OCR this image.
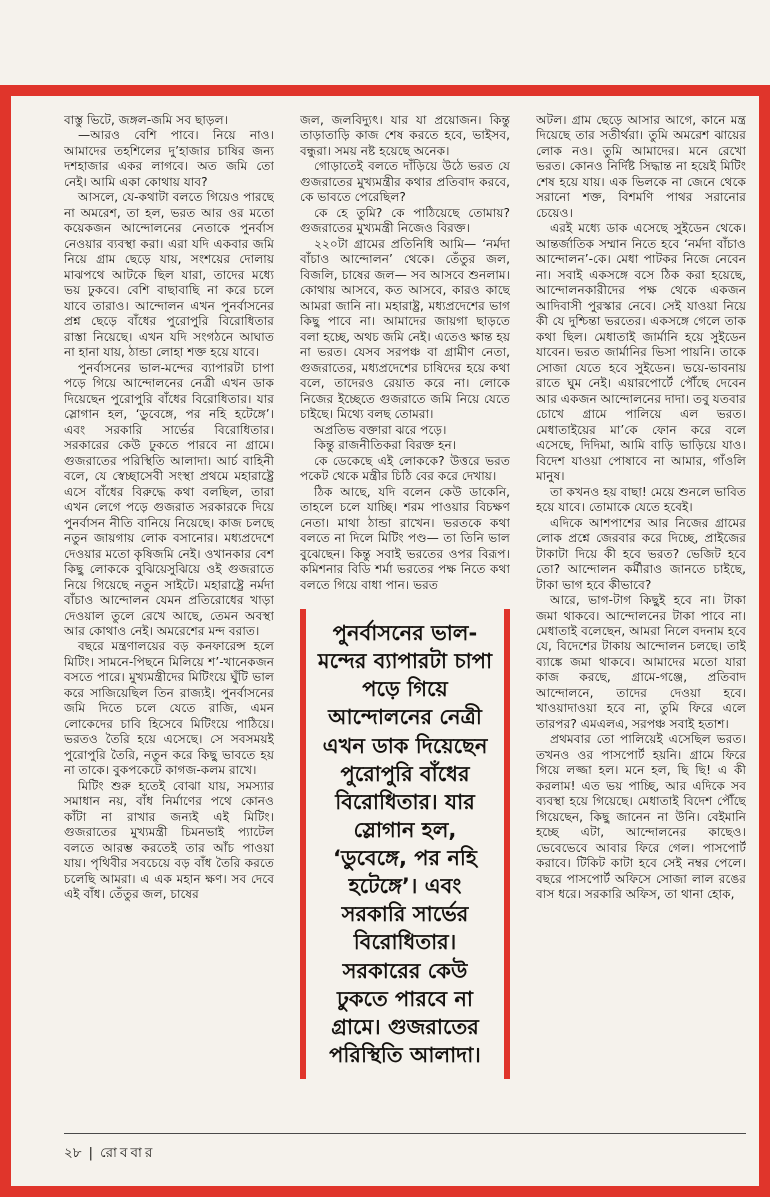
বাস্তু ভিটে, জঙ্গল-জমি সব ছাড়ল।

—আরও বেশি পাবে। নিয়ে নাও। আমাদের তহশিলের দু’হাজার চাষির জন্য দশহাজার একর লাগবে। অত জমি তো নেই। আমি একা কোথায় যাব?

আসলে, যে-কথাটা বলতে গিয়েও পারছে না অমরেশ, তা হল, ভরত আর ওর মতো কয়েকজন আন্দোলনের নেতাকে পুনর্বাস নেওয়ার ব্যবস্থা করা। এরা যদি একবার জমি নিয়ে গ্রাম ছেড়ে যায়, সংশয়ের দোলায় মাঝপথে আটকে ছিল যারা, তাদের মধ্যে ভয় ঢুকবে। বেশি বাছাবাছি না করে চলে যাবে তারাও। আন্দোলন এখন পুনর্বাসনের প্রশ্ন ছেড়ে বাঁধের পুরোপুরি বিরোধিতার রাস্তা নিয়েছে। এখন যদি সংগঠনে আঘাত না হানা যায়, ঠান্ডা লোহা শক্ত হয়ে যাবে।

পুনর্বাসনের ভাল-মন্দের ব্যাপারটা চাপা পড়ে গিয়ে আন্দোলনের নেত্রী এখন ডাক দিয়েছেন পুরোপুরি বাঁধের বিরোধিতার। যার স্লোগান হল, ‘ডুবেঙ্গে, পর নহি হটেঙ্গে’। এবং সরকারি সার্ভের বিরোধিতার। সরকারের কেউ ঢুকতে পারবে না গ্রামে। গুজরাতের পরিস্থিতি আলাদা। আর্চ বাহিনী বলে, যে স্বেচ্ছাসেবী সংস্থা প্রথমে মহারাষ্ট্রে এসে বাঁধের বিরুদ্ধে কথা বলছিল, তারা এখন লেগে পড়ে গুজরাত সরকারকে দিয়ে পুনর্বাসন নীতি বানিয়ে নিয়েছে। কাজ চলছে নতুন জায়গায় লোক বসানোর। মধ্যপ্রদেশে দেওয়ার মতো কৃষিজমি নেই। ওখানকার বেশ কিছু লোককে বুঝিয়েসুঝিয়ে ওই গুজরাতে নিয়ে গিয়েছে নতুন সাইটে। মহারাষ্ট্রে নর্মদা বাঁচাও আন্দোলন যেমন প্রতিরোধের খাড়া দেওয়াল তুলে রেখে আছে, তেমন অবস্থা আর কোথাও নেই। অমরেশের মন্দ বরাত।

বছরে মন্ত্রণালয়ের বড় কনফারেন্স হলে মিটিং। সামনে-পিছনে মিলিয়ে শ’-খানেকজন বসতে পারে। মুখ্যমন্ত্রীদের মিটিংয়ে ঘুঁটি ভাল করে সাজিয়েছিল তিন রাজ্যই। পুনর্বাসনের জমি দিতে চলে যেতে রাজি, এমন লোকেদের চাবি হিসেবে মিটিংয়ে পাঠিয়ে। ভরতও তৈরি হয়ে এসেছে। সে সবসময়ই পুরোপুরি তৈরি, নতুন করে কিছু ভাবতে হয় না তাকে। বুকপকেটে কাগজ-কলম রাখে।

মিটিং শুরু হতেই বোঝা যায়, সমস্যার সমাধান নয়, বাঁধ নির্মাণের পথে কোনও কাঁটা না রাখার জন্যই এই মিটিং। গুজরাতের মুখ্যমন্ত্রী চিমনভাই প্যাটেল বলতে আরম্ভ করতেই তার আঁচ পাওয়া যায়। পৃথিবীর সবচেয়ে বড় বাঁধ তৈরি করতে চলেছি আমরা। এ এক মহান ক্ষণ। সব দেবে এই বাঁধ। তেঁতুর জল, চাষের

জল, জলবিদ্যুৎ। যার যা প্রয়োজন। কিন্তু তাড়াতাড়ি কাজ শেষ করতে হবে, ভাইসব, বন্ধুরা। সময় নষ্ট হয়েছে অনেক।

গোড়াতেই বলতে দাঁড়িয়ে উঠে ভরত যে গুজরাতের মুখ্যমন্ত্রীর কথার প্রতিবাদ করবে, কে ভাবতে পেরেছিল?

কে হে তুমি? কে পাঠিয়েছে তোমায়? গুজরাতের মুখ্যমন্ত্রী নিজেও বিরক্ত।

২২০টা গ্রামের প্রতিনিধি আমি— ‘নর্মদা বাঁচাও আন্দোলন’ থেকে। তেঁতুর জল, বিজলি, চাষের জল— সব আসবে শুনলাম। কোথায় আসবে, কত আসবে, কারও কাছে আমরা জানি না। মহারাষ্ট্র, মধ্যপ্রদেশের ভাগ কিছু পাবে না। আমাদের জায়গা ছাড়তে বলা হচ্ছে, অথচ জমি নেই। এতেও ক্ষান্ত হয় না ভরত। যেসব সরপঞ্চ বা গ্রামীণ নেতা, গুজরাতের, মধ্যপ্রদেশের চাষিদের হয়ে কথা বলে, তাদেরও রেয়াত করে না। লোকে নিজের ইচ্ছেতে গুজরাতে জমি নিয়ে যেতে চাইছে। মিথ্যে বলছ তোমরা।

অপ্রতিভ বক্তারা ঝরে পড়ে।

কিন্তু রাজনীতিকরা বিরক্ত হন।

কে ডেকেছে এই লোককে? উত্তরে ভরত পকেট থেকে মন্ত্রীর চিঠি বের করে দেখায়।

ঠিক আছে, যদি বলেন কেউ ডাকেনি, তাহলে চলে যাচ্ছি। শরম পাওয়ার বিচক্ষণ নেতা। মাথা ঠান্ডা রাখেন। ভরতকে কথা বলতে না দিলে মিটিং পণ্ড— তা তিনি ভাল বুঝেছেন। কিন্তু সবাই ভরতের ওপর বিরূপ। কমিশনার বিডি শর্মা ভরতের পক্ষ নিতে কথা বলতে গিয়ে বাধা পান। ভরত

পুনর্বাসনের ভাল-মন্দের ব্যাপারটা চাপা পড়ে গিয়ে আন্দোলনের নেত্রী এখন ডাক দিয়েছেন পুরোপুরি বাঁধের বিরোধিতার। যার স্লোগান হল, ‘ডুবেঙ্গে, পর নহি হটেঙ্গে’। এবং সরকারি সার্ভের বিরোধিতার। সরকারের কেউ ঢুকতে পারবে না গ্রামে। গুজরাতের পরিস্থিতি আলাদা।

অটল। গ্রাম ছেড়ে আসার আগে, কানে মন্ত্র দিয়েছে তার সতীর্থরা। তুমি অমরেশ ঝায়ের লোক নও। তুমি আমাদের। মনে রেখো ভরত। কোনও নির্দিষ্ট সিদ্ধান্ত না হয়েই মিটিং শেষ হয়ে যায়। এক ভিলকে না জেনে থেকে সরানো শক্ত, বিশমণি পাথর সরানোর চেয়েও।

এরই মধ্যে ডাক এসেছে সুইডেন থেকে। আন্তর্জাতিক সম্মান নিতে হবে ‘নর্মদা বাঁচাও আন্দোলন’-কে। মেধা পাটকর নিজে নেবেন না। সবাই একসঙ্গে বসে ঠিক করা হয়েছে, আন্দোলনকারীদের পক্ষ থেকে একজন আদিবাসী পুরস্কার নেবে। সেই যাওয়া নিয়ে কী যে দুশ্চিন্তা ভরতের। একসঙ্গে গেলে তাক কথা ছিল। মেধাতাই জার্মানি হয়ে সুইডেন যাবেন। ভরত জার্মানির ভিসা পায়নি। তাকে সোজা যেতে হবে সুইডেন। ভয়ে-ভাবনায় রাতে ঘুম নেই। এয়ারপোর্টে পৌঁছে দেবেন আর একজন আন্দোলনের দাদা। তবু যতবার চোখে গ্রামে পালিয়ে এল ভরত। মেধাতাইয়ের মা’কে ফোন করে বলে এসেছে, দিদিমা, আমি বাড়ি ভাড়িয়ে যাও। বিদেশ যাওয়া পোষাবে না আমার, গাঁওলি মানুষ।

তা কখনও হয় বাছা! মেয়ে শুনলে ভাবিত হয়ে যাবে। তোমাকে যেতে হবেই।

এদিকে আশপাশের আর নিজের গ্রামের লোক প্রশ্নে জেরবার করে দিচ্ছে, প্রাইজের টাকাটা দিয়ে কী হবে ভরত? ভেজিট হবে তো? আন্দোলন কর্মীরাও জানতে চাইছে, টাকা ভাগ হবে কীভাবে?

আরে, ভাগ-টাগ কিছুই হবে না। টাকা জমা থাকবে। আন্দোলনের টাকা পাবে না। মেধাতাই বলেছেন, আমরা নিলে বদনাম হবে যে, বিদেশের টাকায় আন্দোলন চলছে। তাই ব্যাঙ্কে জমা থাকবে। আমাদের মতো যারা কাজ করছে, গ্রামে-গঞ্জে, প্রতিবাদ আন্দোলনে, তাদের দেওয়া হবে। খাওয়াদাওয়া হবে না, তুমি ফিরে এলে তারপর? এমএলএ, সরপঞ্চ সবাই হতাশ।

প্রথমবার তো পালিয়েই এসেছিল ভরত। তখনও ওর পাসপোর্ট হয়নি। গ্রামে ফিরে গিয়ে লজ্জা হল। মনে হল, ছি ছি! এ কী করলাম! এত ভয় পাচ্ছি, আর এদিকে সব ব্যবস্থা হয়ে গিয়েছে। মেধাতাই বিদেশ পৌঁছে গিয়েছেন, কিছু জানেন না উনি। বেইমানি হচ্ছে এটা, আন্দোলনের কাছেও। ভেবেভেবে আবার ফিরে গেল। পাসপোর্ট করাবে। টিকিট কাটা হবে সেই নম্বর পেলে। বছরে পাসপোর্ট অফিসে সোজা লাল রঙের বাস ধরে। সরকারি অফিস, তা থানা হোক,

২৮ | রোববার
